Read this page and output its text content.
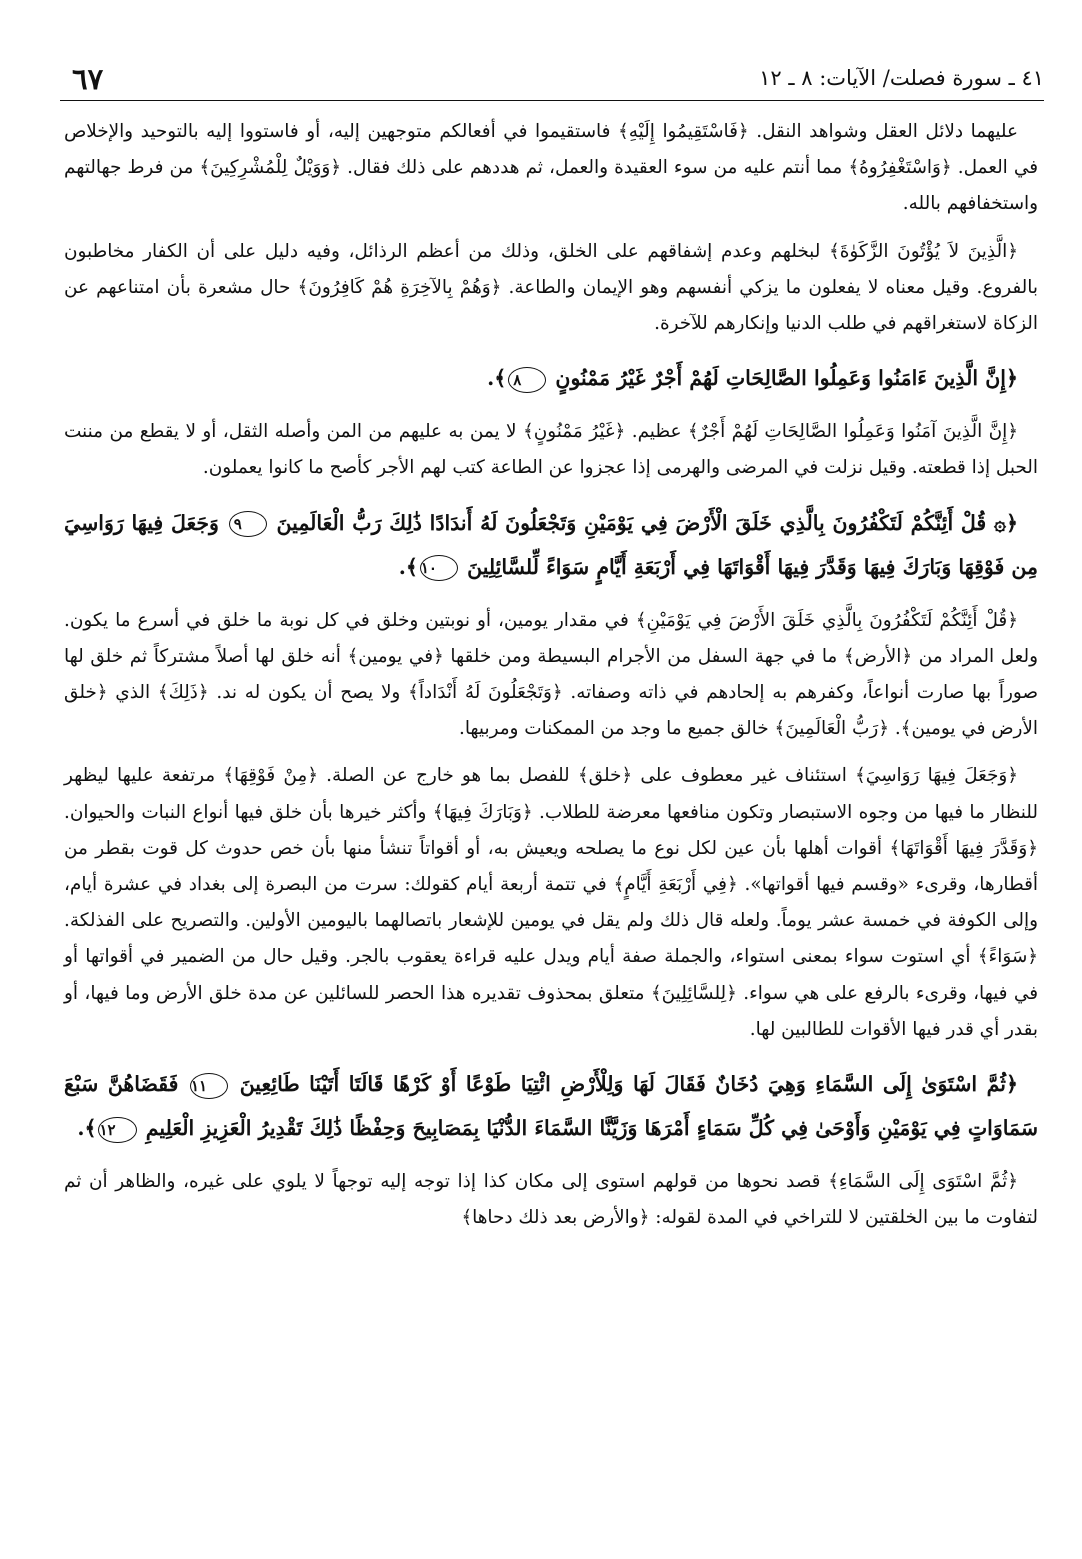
٤١ ـ سورة فصلت/ الآيات: ٨ ـ ١٢
٦٧

عليهما دلائل العقل وشواهد النقل. ﴿فَاسْتَقِيمُوا إِلَيْهِ﴾ فاستقيموا في أفعالكم متوجهين إليه، أو فاستووا إليه بالتوحيد والإخلاص في العمل. ﴿وَاسْتَغْفِرُوهُ﴾ مما أنتم عليه من سوء العقيدة والعمل، ثم هددهم على ذلك فقال. ﴿وَوَيْلٌ لِلْمُشْرِكِينَ﴾ من فرط جهالتهم واستخفافهم بالله.

﴿الَّذِينَ لاَ يُؤْتُونَ الزَّكَوٰةَ﴾ لبخلهم وعدم إشفاقهم على الخلق، وذلك من أعظم الرذائل، وفيه دليل على أن الكفار مخاطبون بالفروع. وقيل معناه لا يفعلون ما يزكي أنفسهم وهو الإيمان والطاعة. ﴿وَهُمْ بِالآخِرَةِ هُمْ كَافِرُونَ﴾ حال مشعرة بأن امتناعهم عن الزكاة لاستغراقهم في طلب الدنيا وإنكارهم للآخرة.

﴿إِنَّ الَّذِينَ ءَامَنُوا وَعَمِلُوا الصَّالِحَاتِ لَهُمْ أَجْرٌ غَيْرُ مَمْنُونٍ ٨﴾.

﴿إِنَّ الَّذِينَ آمَنُوا وَعَمِلُوا الصَّالِحَاتِ لَهُمْ أَجْرٌ﴾ عظيم. ﴿غَيْرُ مَمْنُونٍ﴾ لا يمن به عليهم من المن وأصله الثقل، أو لا يقطع من مننت الحبل إذا قطعته. وقيل نزلت في المرضى والهرمى إذا عجزوا عن الطاعة كتب لهم الأجر كأصح ما كانوا يعملون.

﴿۞ قُلْ أَئِنَّكُمْ لَتَكْفُرُونَ بِالَّذِي خَلَقَ الْأَرْضَ فِي يَوْمَيْنِ وَتَجْعَلُونَ لَهُ أَندَادًا ذَٰلِكَ رَبُّ الْعَالَمِينَ ٩ وَجَعَلَ فِيهَا رَوَاسِيَ مِن فَوْقِهَا وَبَارَكَ فِيهَا وَقَدَّرَ فِيهَا أَقْوَاتَهَا فِي أَرْبَعَةِ أَيَّامٍ سَوَاءً لِّلسَّائِلِينَ ١٠﴾.

﴿قُلْ أَئِنَّكُمْ لَتَكْفُرُونَ بِالَّذِي خَلَقَ الأَرْضَ فِي يَوْمَيْنِ﴾ في مقدار يومين، أو نوبتين وخلق في كل نوبة ما خلق في أسرع ما يكون. ولعل المراد من ﴿الأرض﴾ ما في جهة السفل من الأجرام البسيطة ومن خلقها ﴿في يومين﴾ أنه خلق لها أصلاً مشتركاً ثم خلق لها صوراً بها صارت أنواعاً، وكفرهم به إلحادهم في ذاته وصفاته. ﴿وَتَجْعَلُونَ لَهُ أَنْدَاداً﴾ ولا يصح أن يكون له ند. ﴿ذَلِكَ﴾ الذي ﴿خلق الأرض في يومين﴾. ﴿رَبُّ الْعَالَمِينَ﴾ خالق جميع ما وجد من الممكنات ومربيها.

﴿وَجَعَلَ فِيهَا رَوَاسِيَ﴾ استئناف غير معطوف على ﴿خلق﴾ للفصل بما هو خارج عن الصلة. ﴿مِنْ فَوْقِهَا﴾ مرتفعة عليها ليظهر للنظار ما فيها من وجوه الاستبصار وتكون منافعها معرضة للطلاب. ﴿وَبَارَكَ فِيهَا﴾ وأكثر خيرها بأن خلق فيها أنواع النبات والحيوان. ﴿وَقَدَّرَ فِيهَا أَقْوَاتَهَا﴾ أقوات أهلها بأن عين لكل نوع ما يصلحه ويعيش به، أو أقواتاً تنشأ منها بأن خص حدوث كل قوت بقطر من أقطارها، وقرىء «وقسم فيها أقواتها». ﴿فِي أَرْبَعَةِ أَيَّامٍ﴾ في تتمة أربعة أيام كقولك: سرت من البصرة إلى بغداد في عشرة أيام، وإلى الكوفة في خمسة عشر يوماً. ولعله قال ذلك ولم يقل في يومين للإشعار باتصالهما باليومين الأولين. والتصريح على الفذلكة. ﴿سَوَاءً﴾ أي استوت سواء بمعنى استواء، والجملة صفة أيام ويدل عليه قراءة يعقوب بالجر. وقيل حال من الضمير في أقواتها أو في فيها، وقرىء بالرفع على هي سواء. ﴿لِلسَّائِلِينَ﴾ متعلق بمحذوف تقديره هذا الحصر للسائلين عن مدة خلق الأرض وما فيها، أو بقدر أي قدر فيها الأقوات للطالبين لها.

﴿ثُمَّ اسْتَوَىٰ إِلَى السَّمَاءِ وَهِيَ دُخَانٌ فَقَالَ لَهَا وَلِلْأَرْضِ ائْتِيَا طَوْعًا أَوْ كَرْهًا قَالَتَا أَتَيْنَا طَائِعِينَ ١١ فَقَضَاهُنَّ سَبْعَ سَمَاوَاتٍ فِي يَوْمَيْنِ وَأَوْحَىٰ فِي كُلِّ سَمَاءٍ أَمْرَهَا وَزَيَّنَّا السَّمَاءَ الدُّنْيَا بِمَصَابِيحَ وَحِفْظًا ذَٰلِكَ تَقْدِيرُ الْعَزِيزِ الْعَلِيمِ ١٢﴾.

﴿ثُمَّ اسْتَوَى إِلَى السَّمَاءِ﴾ قصد نحوها من قولهم استوى إلى مكان كذا إذا توجه إليه توجهاً لا يلوي على غيره، والظاهر أن ثم لتفاوت ما بين الخلقتين لا للتراخي في المدة لقوله: ﴿والأرض بعد ذلك دحاها﴾
